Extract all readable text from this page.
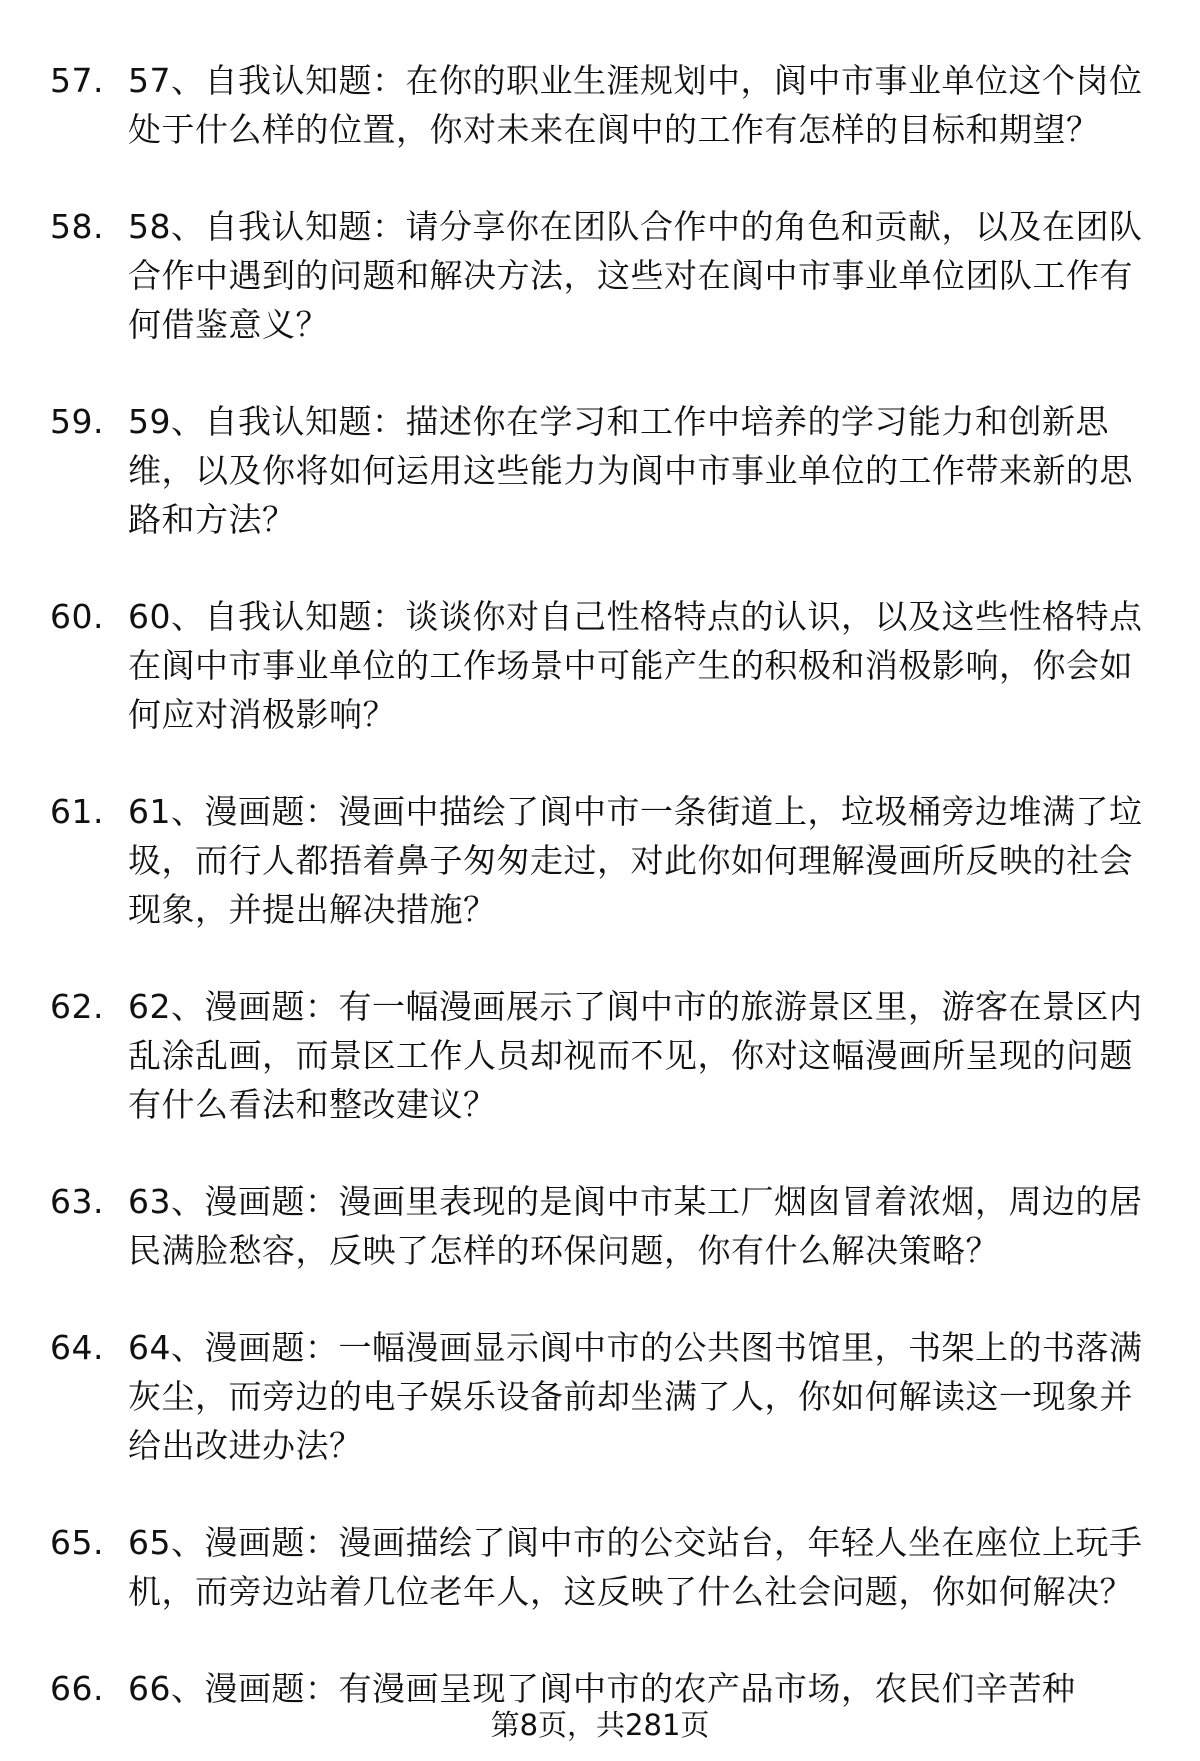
57. 57、自我认知题：在你的职业生涯规划中，阆中市事业单位这个岗位处于什么样的位置，你对未来在阆中的工作有怎样的目标和期望？
58. 58、自我认知题：请分享你在团队合作中的角色和贡献，以及在团队合作中遇到的问题和解决方法，这些对在阆中市事业单位团队工作有何借鉴意义？
59. 59、自我认知题：描述你在学习和工作中培养的学习能力和创新思维，以及你将如何运用这些能力为阆中市事业单位的工作带来新的思路和方法？
60. 60、自我认知题：谈谈你对自己性格特点的认识，以及这些性格特点在阆中市事业单位的工作场景中可能产生的积极和消极影响，你会如何应对消极影响？
61. 61、漫画题：漫画中描绘了阆中市一条街道上，垃圾桶旁边堆满了垃圾，而行人都捂着鼻子匆匆走过，对此你如何理解漫画所反映的社会现象，并提出解决措施？
62. 62、漫画题：有一幅漫画展示了阆中市的旅游景区里，游客在景区内乱涂乱画，而景区工作人员却视而不见，你对这幅漫画所呈现的问题有什么看法和整改建议？
63. 63、漫画题：漫画里表现的是阆中市某工厂烟囱冒着浓烟，周边的居民满脸愁容，反映了怎样的环保问题，你有什么解决策略？
64. 64、漫画题：一幅漫画显示阆中市的公共图书馆里，书架上的书落满灰尘，而旁边的电子娱乐设备前却坐满了人，你如何解读这一现象并给出改进办法？
65. 65、漫画题：漫画描绘了阆中市的公交站台，年轻人坐在座位上玩手机，而旁边站着几位老年人，这反映了什么社会问题，你如何解决？
66. 66、漫画题：有漫画呈现了阆中市的农产品市场，农民们辛苦种
第8页，共281页
